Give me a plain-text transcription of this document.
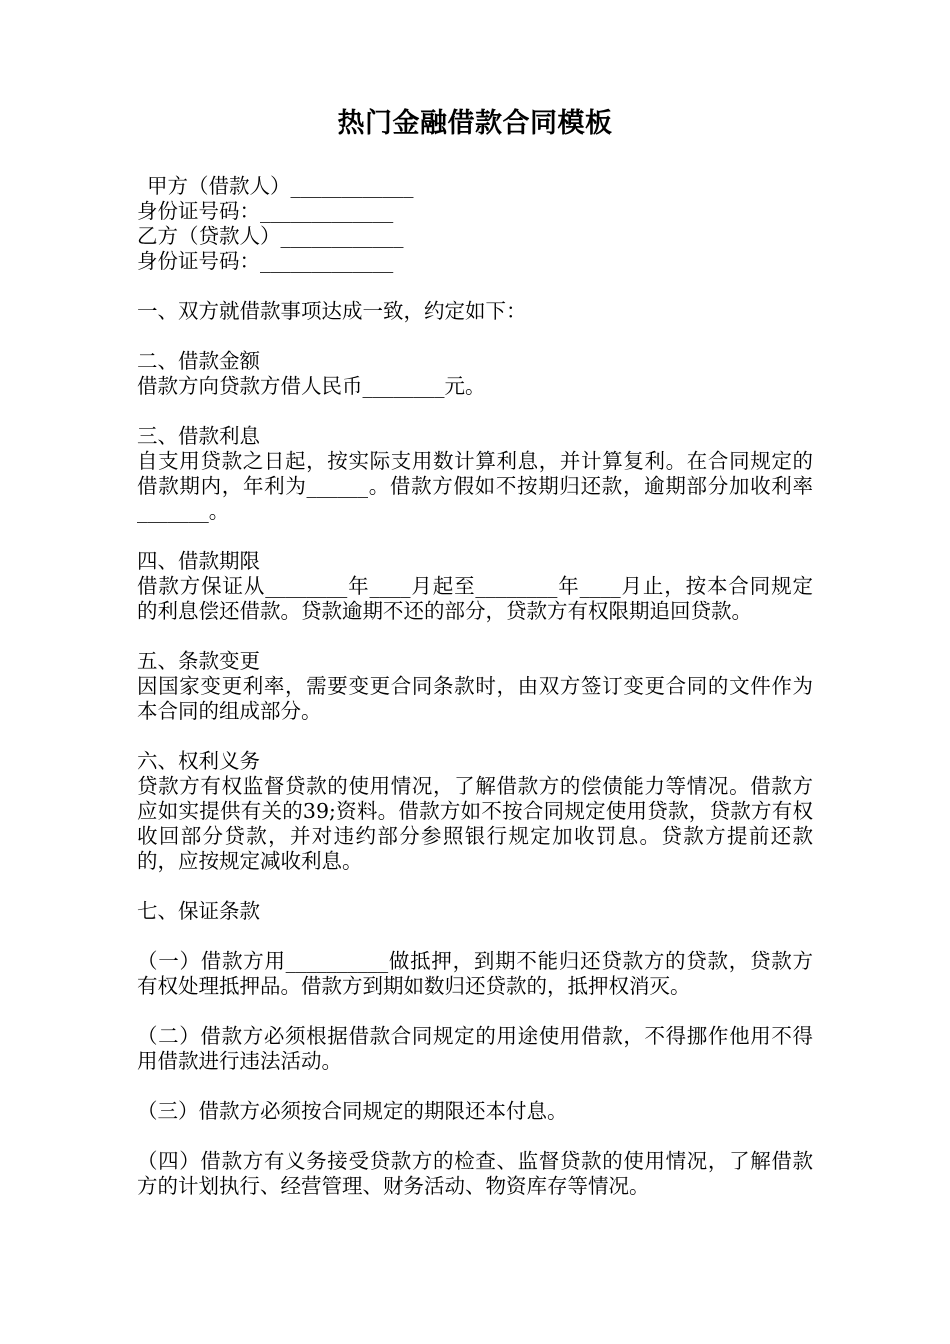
热门金融借款合同模板
甲方（借款人）____________
身份证号码：_____________
乙方（贷款人）____________
身份证号码：_____________
一、双方就借款事项达成一致，约定如下：
二、借款金额

借款方向贷款方借人民币________元。

三、借款利息

自支用贷款之日起，按实际支用数计算利息，并计算复利。在合同规定的借款期内，年利为______。借款方假如不按期归还款，逾期部分加收利率_______。

四、借款期限

借款方保证从________年____月起至________年____月止，按本合同规定的利息偿还借款。贷款逾期不还的部分，贷款方有权限期追回贷款。

五、条款变更

因国家变更利率，需要变更合同条款时，由双方签订变更合同的文件作为本合同的组成部分。

六、权利义务

贷款方有权监督贷款的使用情况，了解借款方的偿债能力等情况。借款方应如实提供有关的39;资料。借款方如不按合同规定使用贷款，贷款方有权收回部分贷款，并对违约部分参照银行规定加收罚息。贷款方提前还款的，应按规定减收利息。

七、保证条款

（一）借款方用__________做抵押，到期不能归还贷款方的贷款，贷款方有权处理抵押品。借款方到期如数归还贷款的，抵押权消灭。

（二）借款方必须根据借款合同规定的用途使用借款，不得挪作他用不得用借款进行违法活动。

（三）借款方必须按合同规定的期限还本付息。

（四）借款方有义务接受贷款方的检查、监督贷款的使用情况，了解借款方的计划执行、经营管理、财务活动、物资库存等情况。
